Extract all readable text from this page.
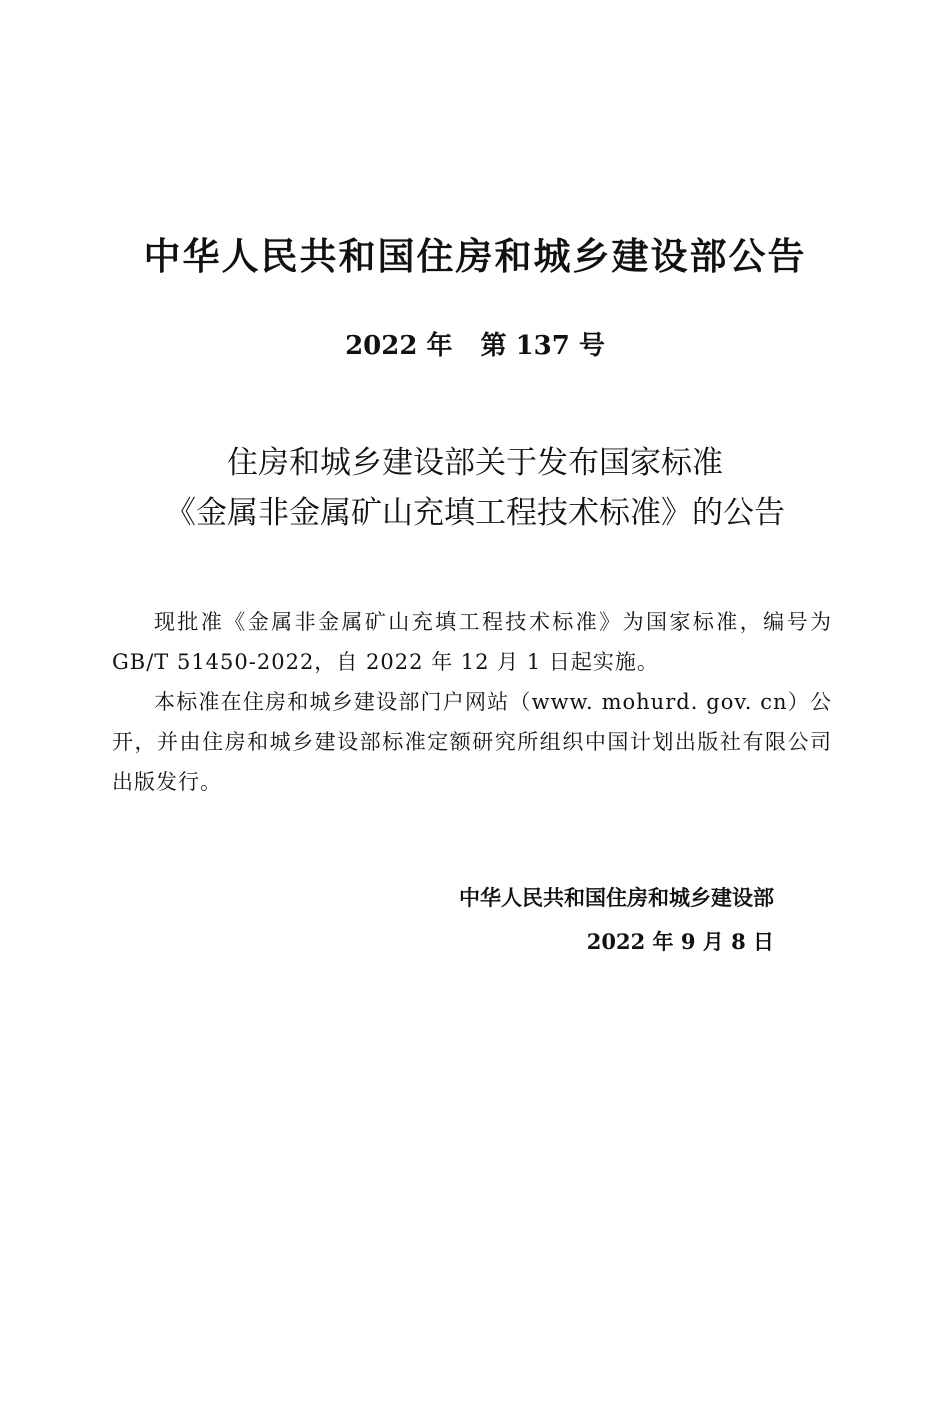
中华人民共和国住房和城乡建设部公告
2022 年 第 137 号
住房和城乡建设部关于发布国家标准
《金属非金属矿山充填工程技术标准》的公告

现批准《金属非金属矿山充填工程技术标准》为国家标准，编号为 GB/T 51450-2022，自 2022 年 12 月 1 日起实施。

本标准在住房和城乡建设部门户网站（www. mohurd. gov. cn）公开，并由住房和城乡建设部标准定额研究所组织中国计划出版社有限公司出版发行。

中华人民共和国住房和城乡建设部
2022 年 9 月 8 日
